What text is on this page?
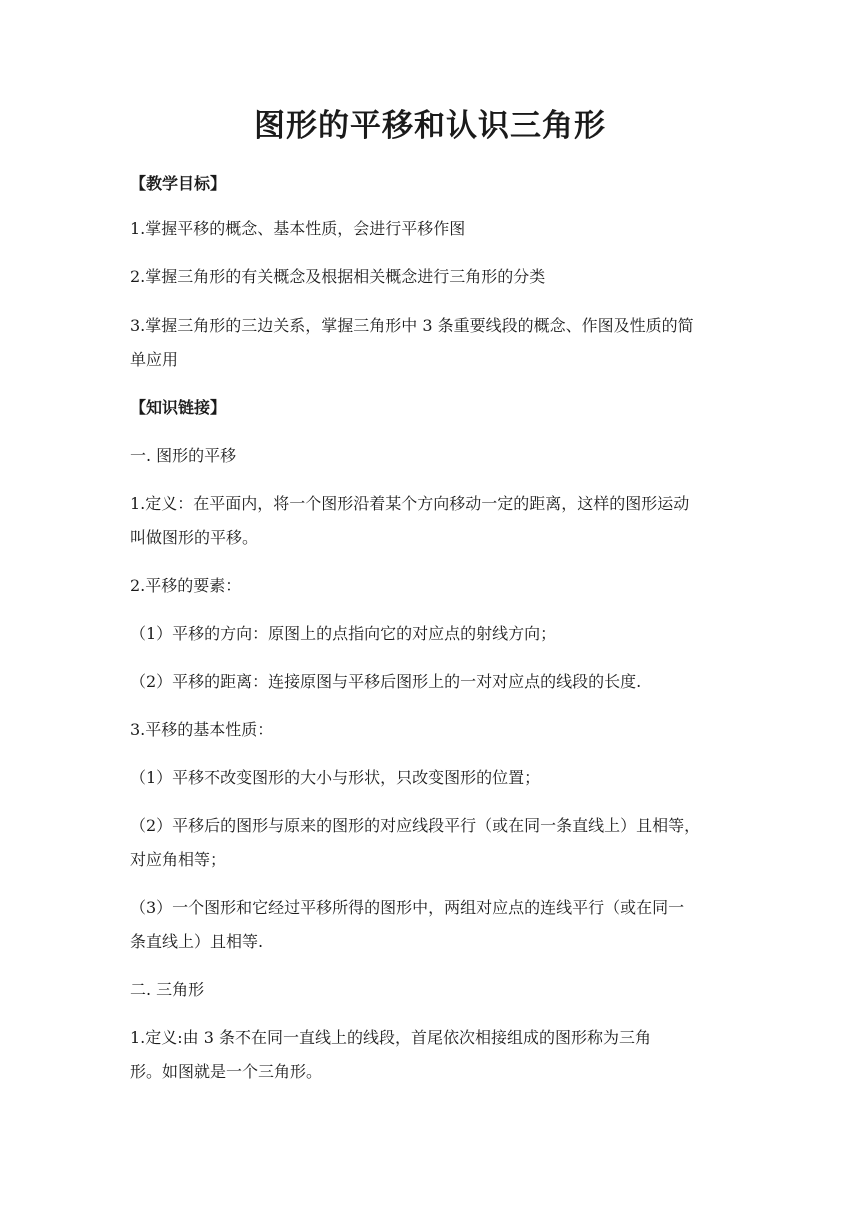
图形的平移和认识三角形
【教学目标】
1.掌握平移的概念、基本性质，会进行平移作图
2.掌握三角形的有关概念及根据相关概念进行三角形的分类
3.掌握三角形的三边关系，掌握三角形中 3 条重要线段的概念、作图及性质的简
单应用
【知识链接】
一. 图形的平移
1.定义：在平面内，将一个图形沿着某个方向移动一定的距离，这样的图形运动
叫做图形的平移。
2.平移的要素：
（1）平移的方向：原图上的点指向它的对应点的射线方向；
（2）平移的距离：连接原图与平移后图形上的一对对应点的线段的长度.
3.平移的基本性质：
（1）平移不改变图形的大小与形状，只改变图形的位置；
（2）平移后的图形与原来的图形的对应线段平行（或在同一条直线上）且相等，
对应角相等；
（3）一个图形和它经过平移所得的图形中，两组对应点的连线平行（或在同一
条直线上）且相等.
二. 三角形
1.定义:由 3 条不在同一直线上的线段，首尾依次相接组成的图形称为三角
形。如图就是一个三角形。
